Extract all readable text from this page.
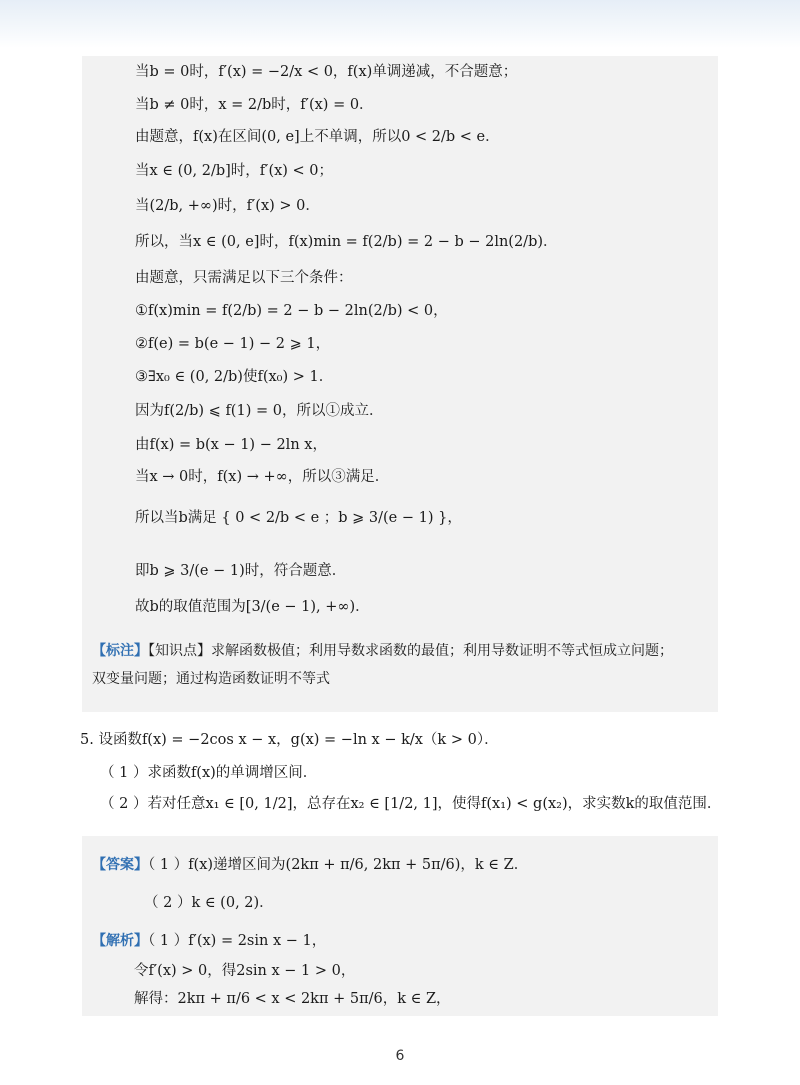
当b = 0时，f′(x) = −2/x < 0，f(x)单调递减，不合题意；
当b ≠ 0时，x = 2/b时，f′(x) = 0．
由题意，f(x)在区间(0, e]上不单调，所以0 < 2/b < e．
当x ∈ (0, 2/b]时，f′(x) < 0；
当(2/b, +∞)时，f′(x) > 0．
所以，当x ∈ (0, e]时，f(x)min = f(2/b) = 2 − b − 2ln(2/b)．
由题意，只需满足以下三个条件：
①f(x)min = f(2/b) = 2 − b − 2ln(2/b) < 0，
②f(e) = b(e − 1) − 2 ⩾ 1，
③∃x₀ ∈ (0, 2/b)使f(x₀) > 1．
因为f(2/b) ⩽ f(1) = 0，所以①成立．
由f(x) = b(x − 1) − 2ln x，
当x → 0时，f(x) → +∞，所以③满足．
所以当b满足 { 0 < 2/b < e ；b ⩾ 3/(e − 1) }，
即b ⩾ 3/(e − 1)时，符合题意．
故b的取值范围为[3/(e − 1), +∞)．
【标注】【知识点】求解函数极值；利用导数求函数的最值；利用导数证明不等式恒成立问题；
双变量问题；通过构造函数证明不等式
5. 设函数f(x) = −2cos x − x，g(x) = −ln x − k/x（k > 0）．
（ 1 ）求函数f(x)的单调增区间．
（ 2 ）若对任意x₁ ∈ [0, 1/2]，总存在x₂ ∈ [1/2, 1]，使得f(x₁) < g(x₂)，求实数k的取值范围．
【答案】（ 1 ）f(x)递增区间为(2kπ + π/6, 2kπ + 5π/6)，k ∈ Z．
（ 2 ）k ∈ (0, 2)．
【解析】（ 1 ）f′(x) = 2sin x − 1，
令f′(x) > 0，得2sin x − 1 > 0，
解得：2kπ + π/6 < x < 2kπ + 5π/6，k ∈ Z，
6
